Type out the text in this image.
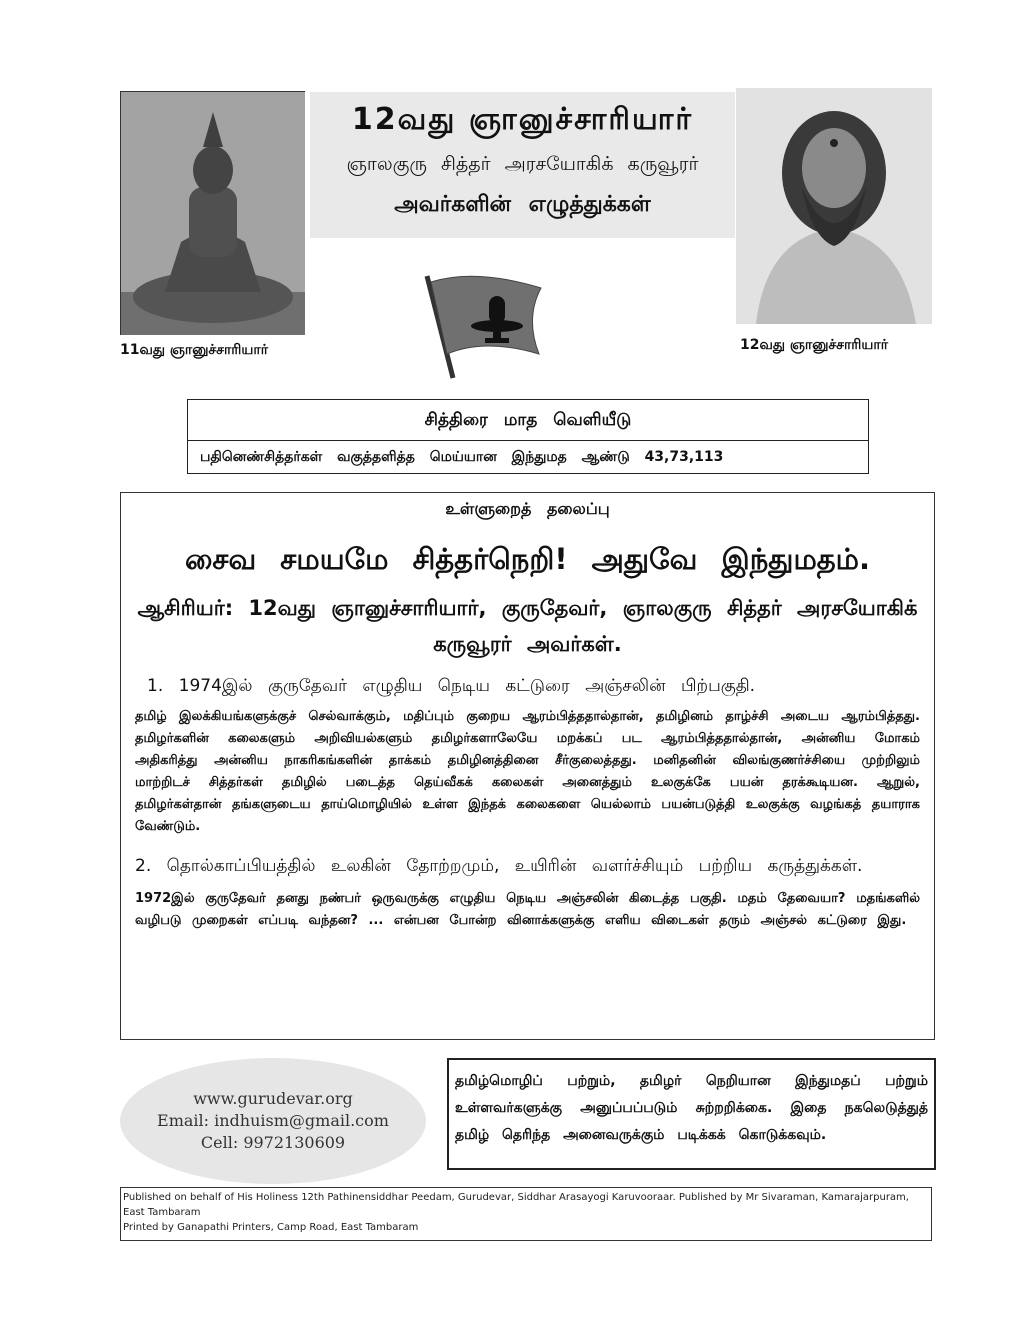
12வது ஞானுச்சாரியார்
ஞாலகுரு சித்தர் அரசயோகிக் கருவூரர்
அவர்களின் எழுத்துக்கள்
11வது ஞானுச்சாரியார்	12வது ஞானுச்சாரியார்
சித்திரை மாத வெளியீடு
பதினெண்சித்தர்கள் வகுத்தளித்த மெய்யான இந்துமத ஆண்டு 43,73,113
உள்ளுறைத் தலைப்பு
சைவ சமயமே சித்தர்நெறி! அதுவே இந்துமதம்.
ஆசிரியர்: 12வது ஞானுச்சாரியார், குருதேவர், ஞாலகுரு சித்தர் அரசயோகிக் கருவூரர் அவர்கள்.
1. 1974இல் குருதேவர் எழுதிய நெடிய கட்டுரை அஞ்சலின் பிற்பகுதி.
தமிழ் இலக்கியங்களுக்குச் செல்வாக்கும், மதிப்பும் குறைய ஆரம்பித்ததால்தான், தமிழினம் தாழ்ச்சி அடைய ஆரம்பித்தது. தமிழர்களின் கலைகளும் அறிவியல்களும் தமிழர்களாலேயே மறக்கப் பட ஆரம்பித்ததால்தான், அன்னிய மோகம் அதிகரித்து அன்னிய நாகரிகங்களின் தாக்கம் தமிழினத்தினை சீர்குலைத்தது. மனிதனின் விலங்குணர்ச்சியை முற்றிலும் மாற்றிடச் சித்தர்கள் தமிழில் படைத்த தெய்வீகக் கலைகள் அனைத்தும் உலகுக்கே பயன் தரக்கூடியன. ஆறுல், தமிழர்கள்தான் தங்களுடைய தாய்மொழியில் உள்ள இந்தக் கலைகளை யெல்லாம் பயன்படுத்தி உலகுக்கு வழங்கத் தயாராக வேண்டும்.
2. தொல்காப்பியத்தில் உலகின் தோற்றமும், உயிரின் வளர்ச்சியும் பற்றிய கருத்துக்கள்.
1972இல் குருதேவர் தனது நண்பர் ஒருவருக்கு எழுதிய நெடிய அஞ்சலின் கிடைத்த பகுதி. மதம் தேவையா? மதங்களில் வழிபடு முறைகள் எப்படி வந்தன? ... என்பன போன்ற வினாக்களுக்கு எளிய விடைகள் தரும் அஞ்சல் கட்டுரை இது.
www.gurudevar.org
Email: indhuism@gmail.com
Cell: 9972130609
தமிழ்மொழிப் பற்றும், தமிழர் நெறியான இந்துமதப் பற்றும் உள்ளவர்களுக்கு அனுப்பப்படும் சுற்றறிக்கை. இதை நகலெடுத்துத் தமிழ் தெரிந்த அனைவருக்கும் படிக்கக் கொடுக்கவும்.
Published on behalf of His Holiness 12th Pathinensiddhar Peedam, Gurudevar, Siddhar Arasayogi Karuvooraar. Published by Mr Sivaraman, Kamarajarpuram, East Tambaram
Printed by Ganapathi Printers, Camp Road, East Tambaram
